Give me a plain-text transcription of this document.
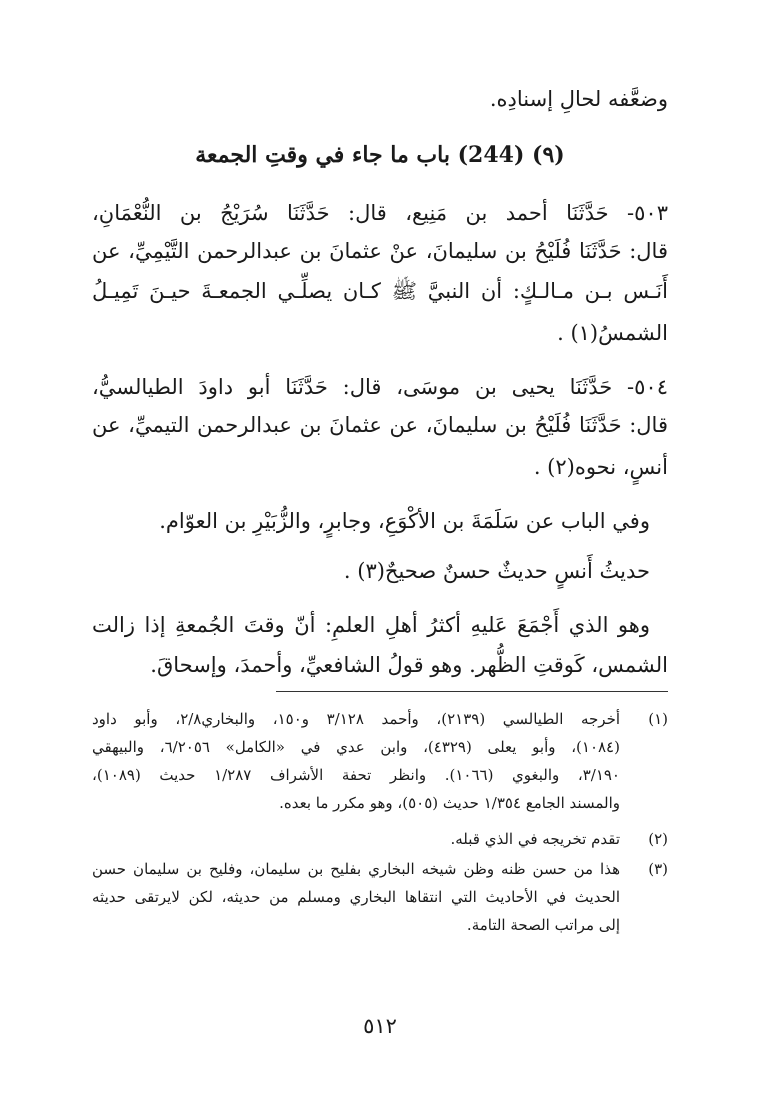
وضعَّفه لحالِ إسنادِه.
(٩) (244) باب ما جاء في وقتِ الجمعة
٥٠٣- حَدَّثَنَا أحمد بن مَنِيع، قال: حَدَّثَنَا سُرَيْجُ بن النُّعْمَانِ،
قال: حَدَّثَنَا فُلَيْحُ بن سليمانَ، عنْ عثمانَ بن عبدالرحمن التَّيْمِيِّ، عن
أَنَـس بـن مـالـكٍ: أن النبيَّ ﷺ كـان يصلِّـي الجمعـةَ حيـنَ تَمِيـلُ
الشمسُ(١) .
٥٠٤- حَدَّثَنَا يحيى بن موسَى، قال: حَدَّثَنَا أبو داودَ الطيالسيُّ،
قال: حَدَّثَنَا فُلَيْحُ بن سليمانَ، عن عثمانَ بن عبدالرحمن التيميِّ، عن
أنسٍ، نحوه(٢) .
وفي الباب عن سَلَمَةَ بن الأكْوَعِ، وجابرٍ، والزُّبَيْرِ بن العوّام.
حديثُ أَنسٍ حديثٌ حسنٌ صحيحٌ(٣) .
وهو الذي أَجْمَعَ عَليهِ أكثرُ أهلِ العلمِ: أنّ وقتَ الجُمعةِ إذا زالت
الشمس، كَوقتِ الظُّهر. وهو قولُ الشافعيِّ، وأحمدَ، وإسحاقَ.
(١)
أخرجه الطيالسي (٢١٣٩)، وأحمد ٣/١٢٨ و١٥٠، والبخاري٢/٨، وأبو داود
(١٠٨٤)، وأبو يعلى (٤٣٢٩)، وابن عدي في «الكامل» ٦/٢٠٥٦، والبيهقي
٣/١٩٠، والبغوي (١٠٦٦). وانظر تحفة الأشراف ١/٢٨٧ حديث (١٠٨٩)،
والمسند الجامع ١/٣٥٤ حديث (٥٠٥)، وهو مكرر ما بعده.
(٢)
تقدم تخريجه في الذي قبله.
(٣)
هذا من حسن ظنه وظن شيخه البخاري بفليح بن سليمان، وفليح بن سليمان حسن
الحديث في الأحاديث التي انتقاها البخاري ومسلم من حديثه، لكن لايرتقى حديثه
إلى مراتب الصحة التامة.
٥١٢
